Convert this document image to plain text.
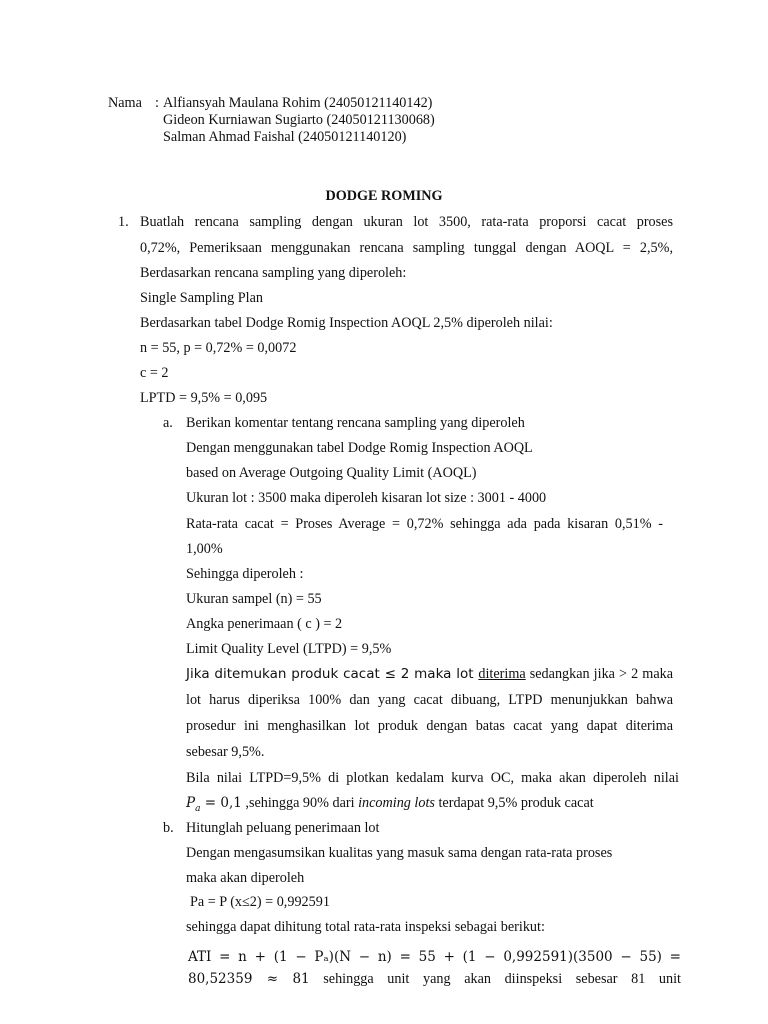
Nama : Alfiansyah Maulana Rohim (24050121140142)
Gideon Kurniawan Sugiarto (24050121130068)
Salman Ahmad Faishal (24050121140120)
DODGE ROMING
1. Buatlah rencana sampling dengan ukuran lot 3500, rata-rata proporsi cacat proses
0,72%, Pemeriksaan menggunakan rencana sampling tunggal dengan AOQL = 2,5%,
Berdasarkan rencana sampling yang diperoleh:
Single Sampling Plan
Berdasarkan tabel Dodge Romig Inspection AOQL 2,5% diperoleh nilai:
n = 55, p = 0,72% = 0,0072
c = 2
LPTD = 9,5% = 0,095
a. Berikan komentar tentang rencana sampling yang diperoleh
Dengan menggunakan tabel Dodge Romig Inspection AOQL
based on Average Outgoing Quality Limit (AOQL)
Ukuran lot : 3500 maka diperoleh kisaran lot size : 3001 - 4000
Rata-rata cacat = Proses Average = 0,72% sehingga ada pada kisaran 0,51% -
1,00%
Sehingga diperoleh :
Ukuran sampel (n) = 55
Angka penerimaan ( c ) = 2
Limit Quality Level (LTPD) = 9,5%
Jika ditemukan produk cacat ≤ 2 maka lot diterima sedangkan jika > 2 maka
lot harus diperiksa 100% dan yang cacat dibuang, LTPD menunjukkan bahwa
prosedur ini menghasilkan lot produk dengan batas cacat yang dapat diterima
sebesar 9,5%.
Bila nilai LTPD=9,5% di plotkan kedalam kurva OC, maka akan diperoleh nilai
$P_a = 0,1$ ,sehingga 90% dari incoming lots terdapat 9,5% produk cacat
b. Hitunglah peluang penerimaan lot
Dengan mengasumsikan kualitas yang masuk sama dengan rata-rata proses
maka akan diperoleh
Pa = P (x≤2) = 0,992591
sehingga dapat dihitung total rata-rata inspeksi sebagai berikut:
ATI = n + (1 − Pₐ)(N − n) = 55 + (1 − 0,992591)(3500 − 55) =
80,52359 ≈ 81 sehingga unit yang akan diinspeksi sebesar 81 unit
